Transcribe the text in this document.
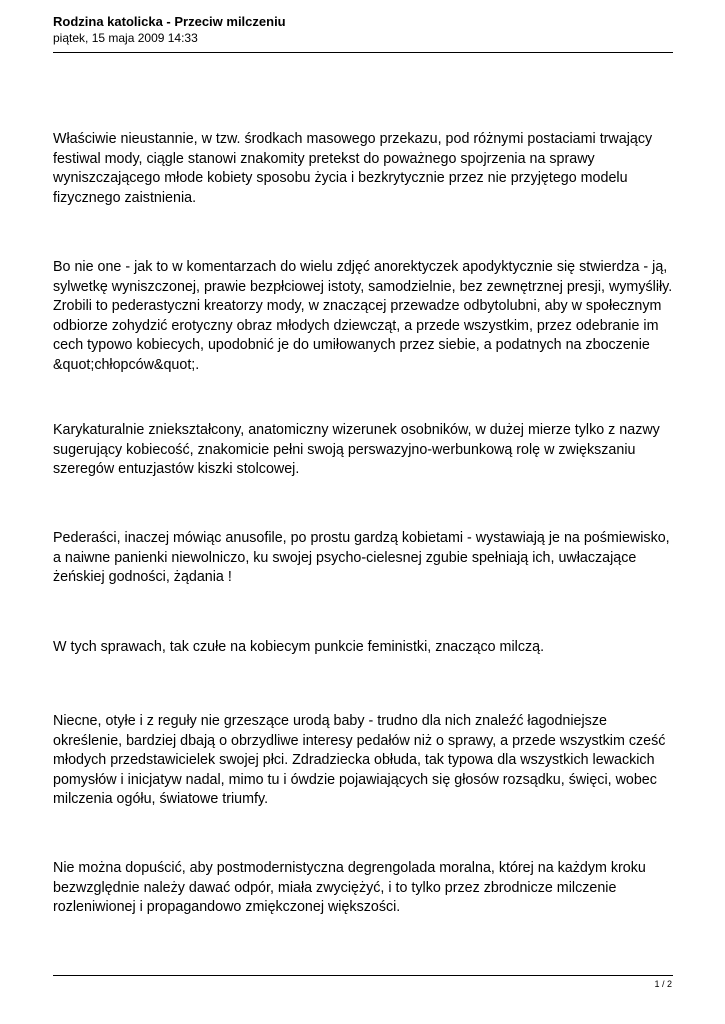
Rodzina katolicka - Przeciw milczeniu
piątek, 15 maja 2009 14:33

Właściwie nieustannie, w tzw. środkach masowego przekazu, pod różnymi postaciami trwający festiwal mody, ciągle stanowi znakomity pretekst do poważnego spojrzenia na sprawy wyniszczającego młode kobiety sposobu życia i bezkrytycznie przez nie przyjętego modelu fizycznego zaistnienia.

Bo nie one - jak to w komentarzach do wielu zdjęć anorektyczek apodyktycznie się stwierdza - ją, sylwetkę wyniszczonej, prawie bezpłciowej istoty, samodzielnie, bez zewnętrznej presji, wymyśliły. Zrobili to pederastyczni kreatorzy mody, w znaczącej przewadze odbytolubni, aby w społecznym odbiorze zohydzić erotyczny obraz młodych dziewcząt, a przede wszystkim, przez odebranie im cech typowo kobiecych, upodobnić je do umiłowanych przez siebie, a podatnych na zboczenie &quot;chłopców&quot;.

Karykaturalnie zniekształcony, anatomiczny wizerunek osobników, w dużej mierze tylko z nazwy sugerujący kobiecość, znakomicie pełni swoją perswazyjno-werbunkową rolę w zwiększaniu szeregów entuzjastów kiszki stolcowej.

Pederaści, inaczej mówiąc anusofile, po prostu gardzą kobietami - wystawiają je na pośmiewisko, a naiwne panienki niewolniczo, ku swojej psycho-cielesnej zgubie spełniają ich, uwłaczające żeńskiej godności, żądania !

W tych sprawach, tak czułe na kobiecym punkcie feministki, znacząco milczą.

Niecne, otyłe i z reguły nie grzeszące urodą baby - trudno dla nich znaleźć łagodniejsze określenie, bardziej dbają o obrzydliwe interesy pedałów niż o sprawy, a przede wszystkim cześć młodych przedstawicielek swojej płci. Zdradziecka obłuda, tak typowa dla wszystkich lewackich pomysłów i inicjatyw nadal, mimo tu i ówdzie pojawiających się głosów rozsądku, święci, wobec milczenia ogółu, światowe triumfy.

Nie można dopuścić, aby postmodernistyczna degrengolada moralna, której na każdym kroku bezwzględnie należy dawać odpór, miała zwyciężyć, i to tylko przez zbrodnicze milczenie rozleniwionej i propagandowo zmiękczonej większości.

1 / 2
